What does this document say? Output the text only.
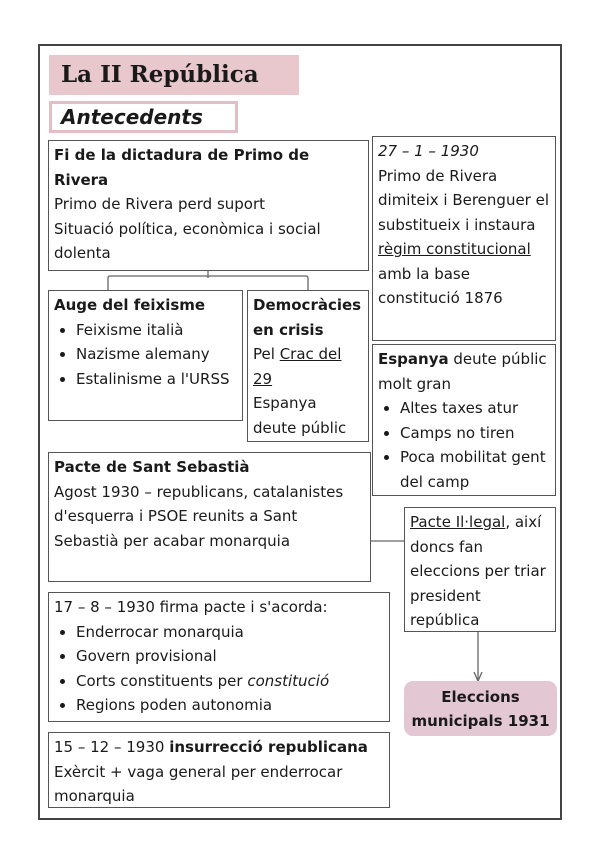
La II República
Antecedents
Fi de la dictadura de Primo de Rivera
Primo de Rivera perd suport
Situació política, econòmica i social dolenta
27 – 1 – 1930
Primo de Rivera dimiteix i Berenguer el substitueix i instaura règim constitucional amb la base constitució 1876
Auge del feixisme
• Feixisme italià
• Nazisme alemany
• Estalinisme a l'URSS
Democràcies en crisis
Pel Crac del 29
Espanya deute públic
Espanya deute públic molt gran
• Altes taxes atur
• Camps no tiren
• Poca mobilitat gent del camp
Pacte de Sant Sebastià
Agost 1930 – republicans, catalanistes d'esquerra i PSOE reunits a Sant Sebastià per acabar monarquia
Pacte Il·legal, així doncs fan eleccions per triar president república
17 – 8 – 1930 firma pacte i s'acorda:
• Enderrocar monarquia
• Govern provisional
• Corts constituents per constitució
• Regions poden autonomia	Eleccions
municipals 1931
15 – 12 – 1930 insurrecció republicana
Exèrcit + vaga general per enderrocar monarquia
